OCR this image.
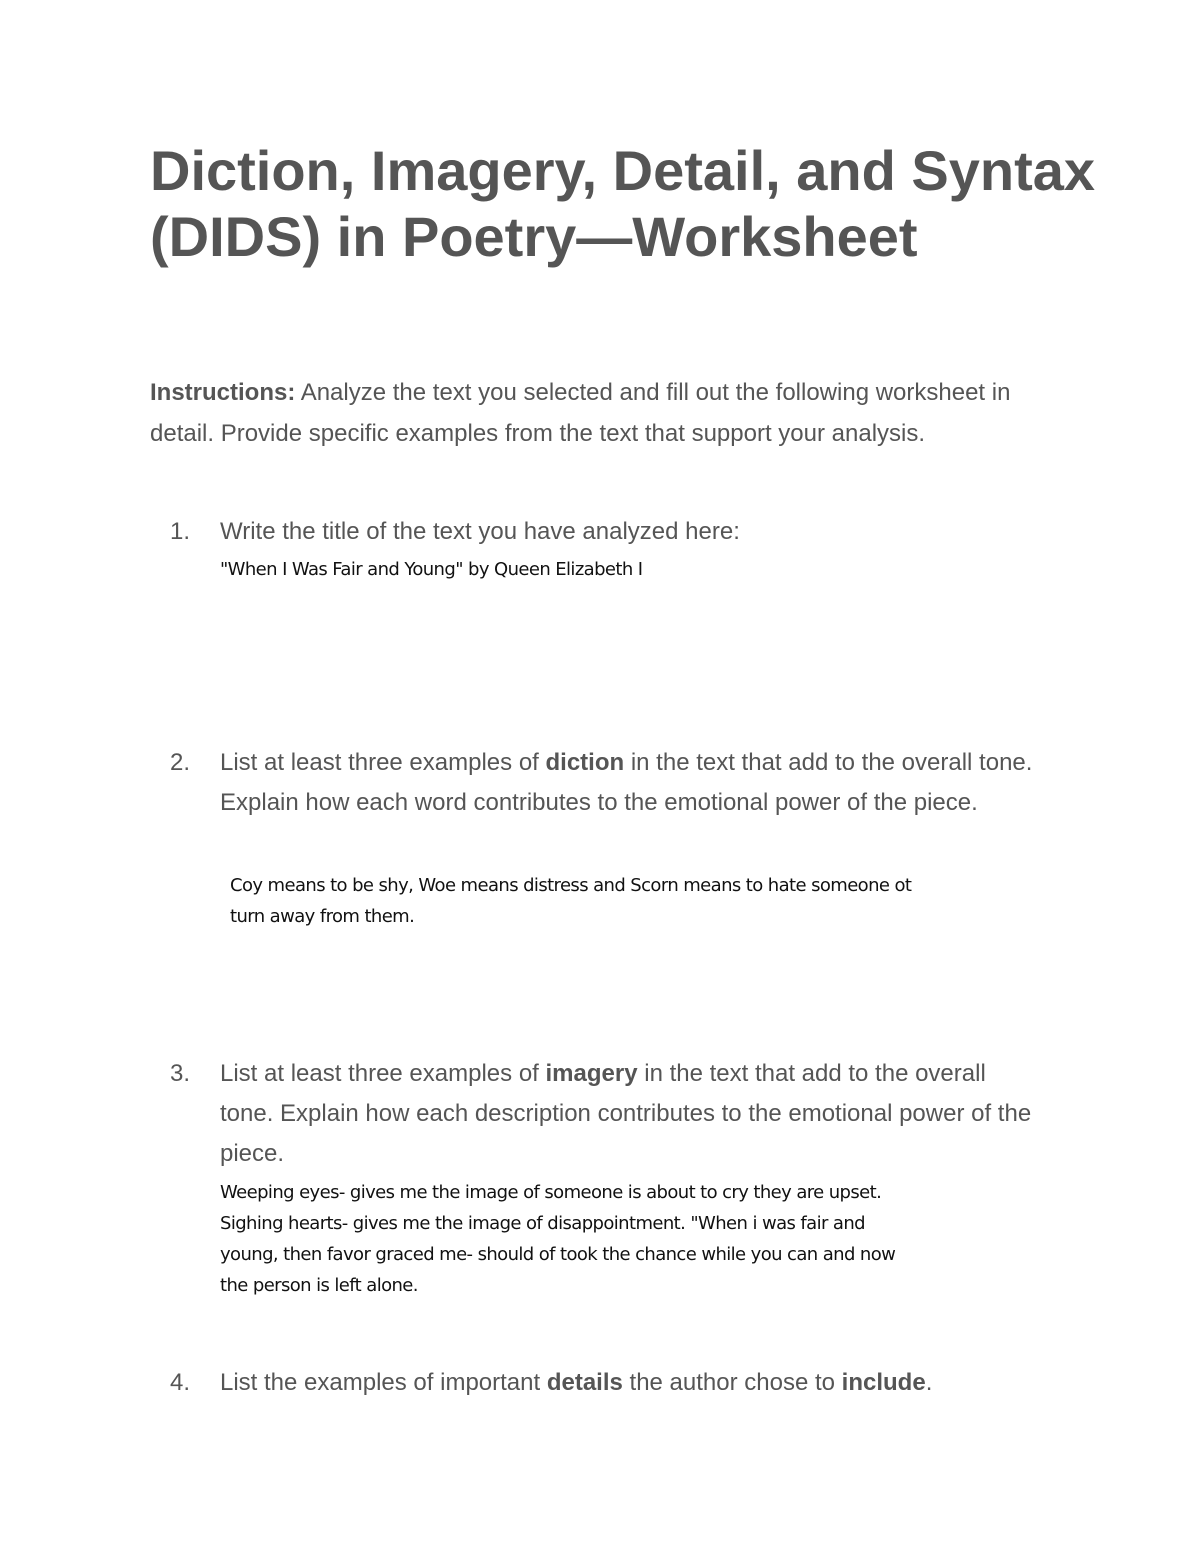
Diction, Imagery, Detail, and Syntax (DIDS) in Poetry—Worksheet
Instructions: Analyze the text you selected and fill out the following worksheet in detail. Provide specific examples from the text that support your analysis.
1.	Write the title of the text you have analyzed here:
"When I Was Fair and Young" by Queen Elizabeth I
2.	List at least three examples of diction in the text that add to the overall tone. Explain how each word contributes to the emotional power of the piece.
Coy means to be shy, Woe means distress and Scorn means to hate someone ot
turn away from them.
3.	List at least three examples of imagery in the text that add to the overall tone. Explain how each description contributes to the emotional power of the piece.
Weeping eyes- gives me the image of someone is about to cry they are upset.
Sighing hearts- gives me the image of disappointment. "When i was fair and
young, then favor graced me- should of took the chance while you can and now
the person is left alone.
4.	List the examples of important details the author chose to include.
